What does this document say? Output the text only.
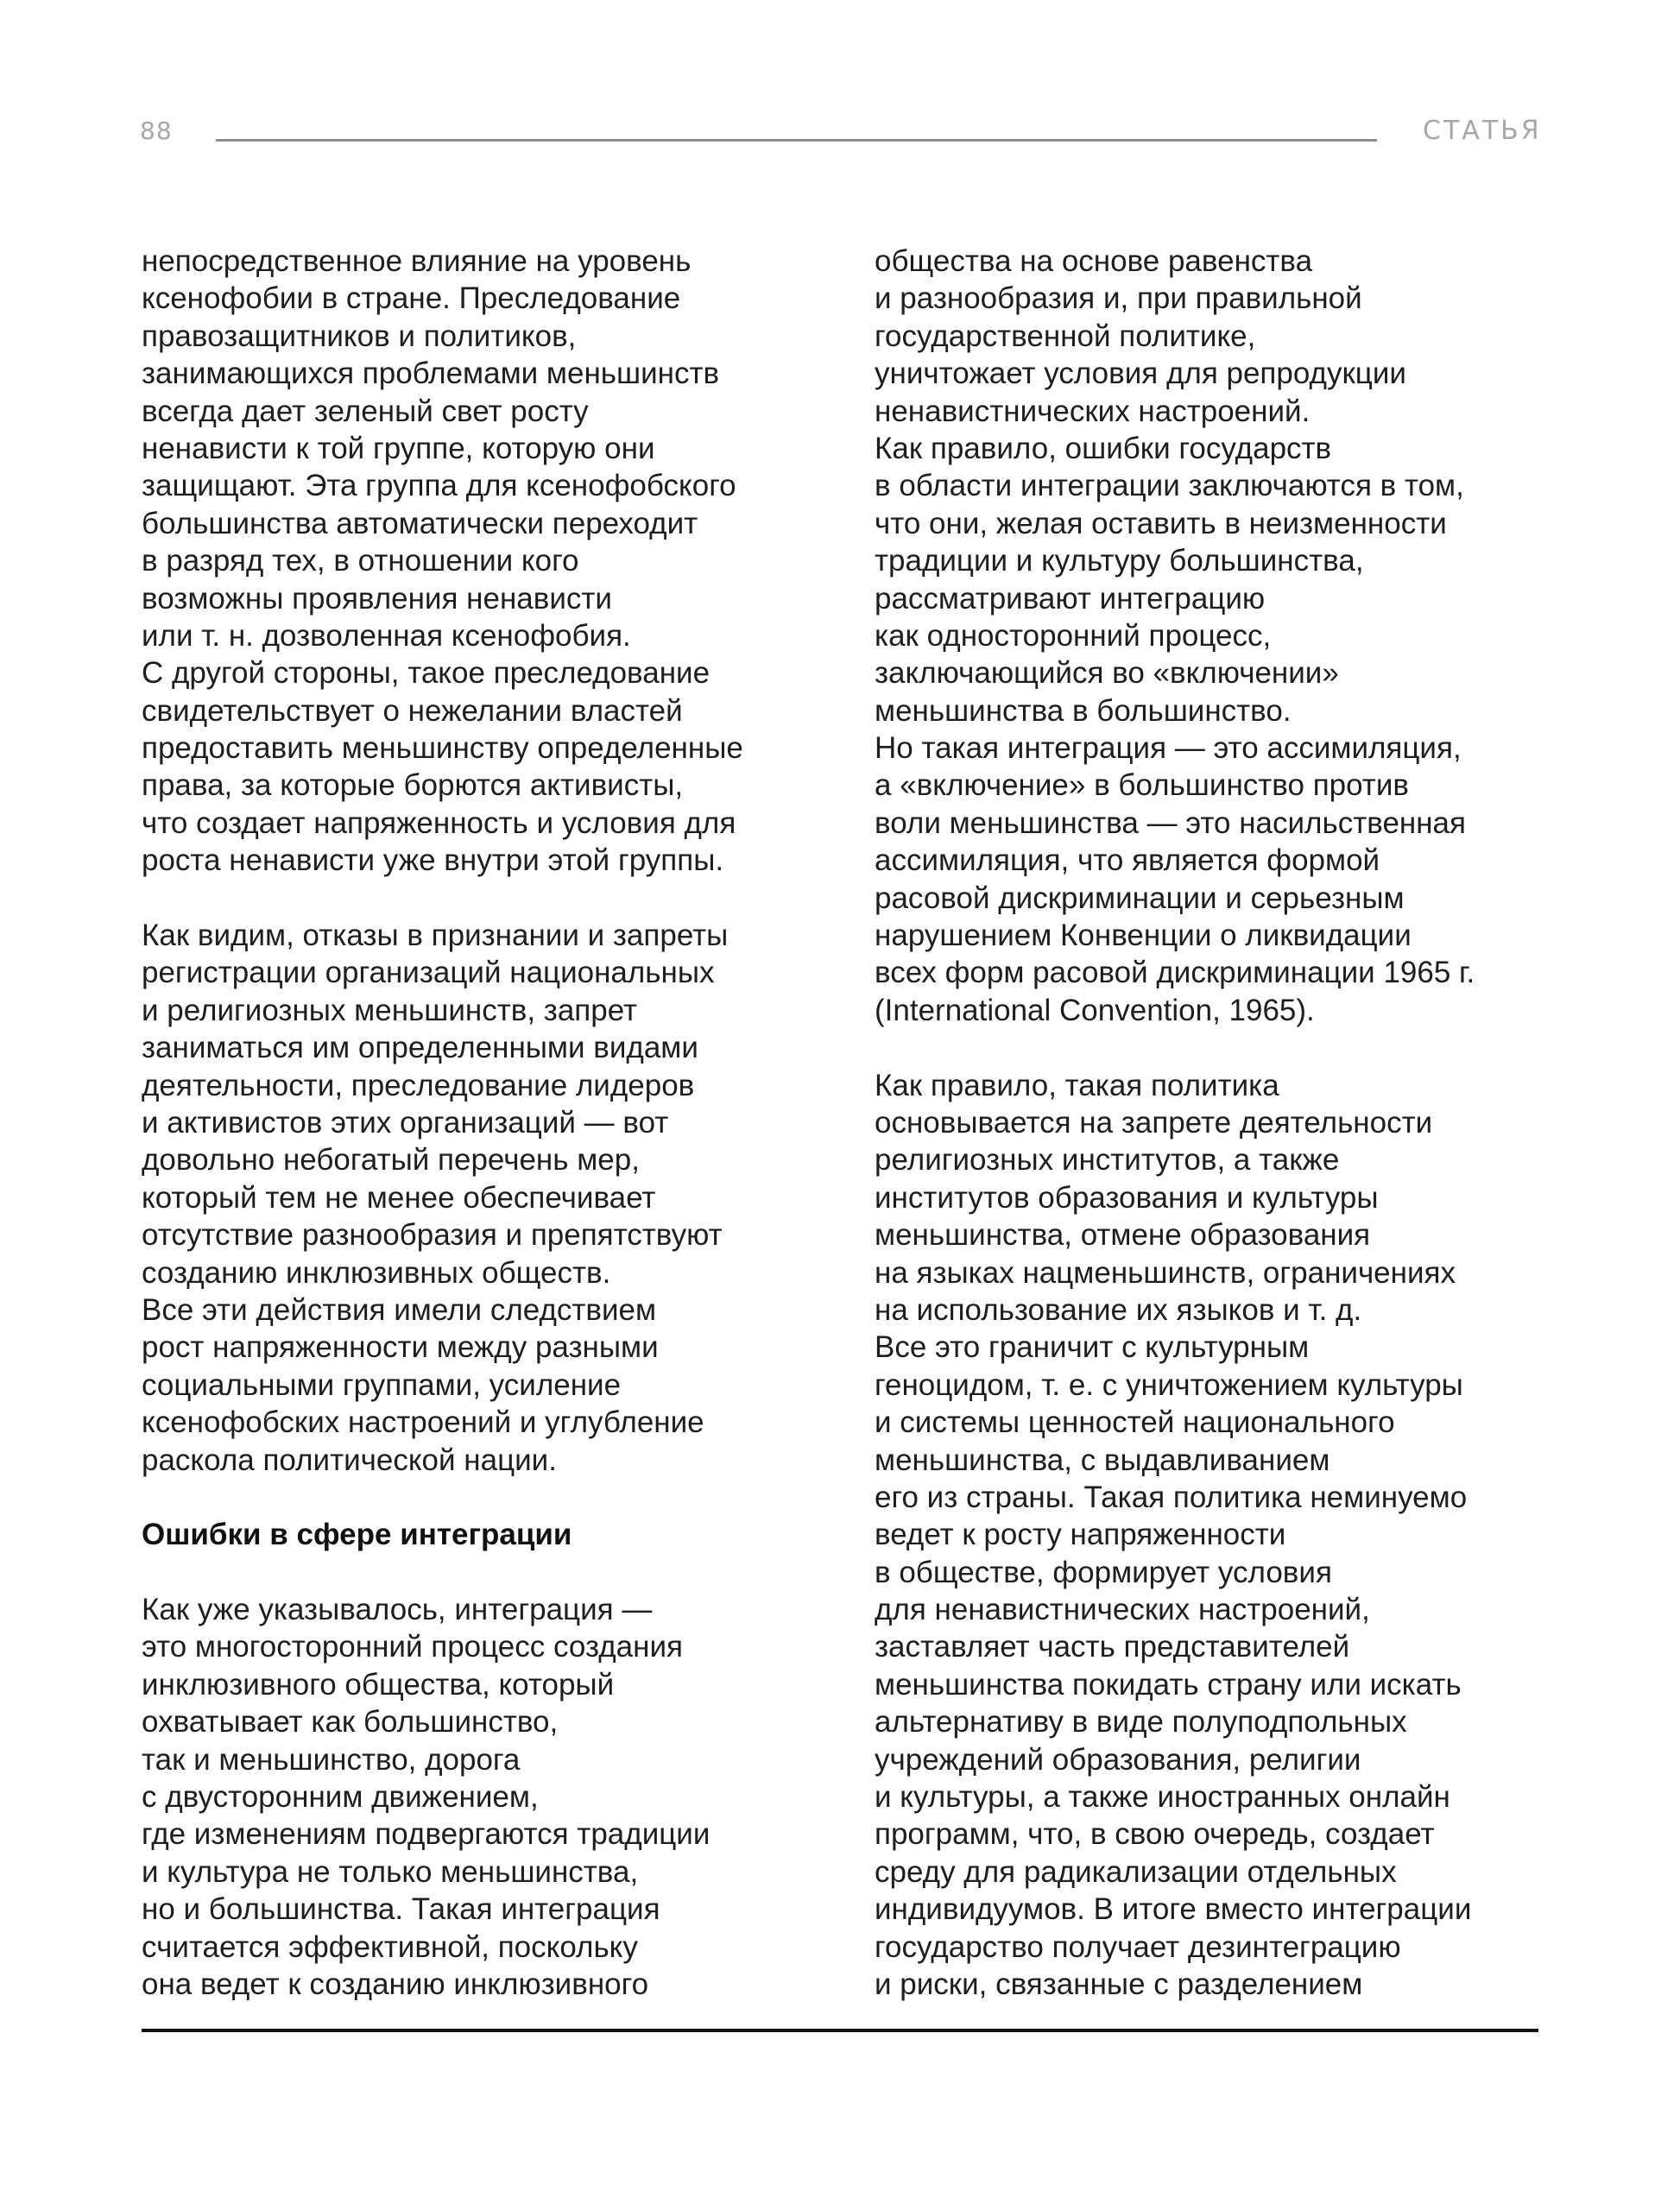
88	СТАТЬЯ
непосредственное влияние на уровень
ксенофобии в стране. Преследование
правозащитников и политиков,
занимающихся проблемами меньшинств
всегда дает зеленый свет росту
ненависти к той группе, которую они
защищают. Эта группа для ксенофобского
большинства автоматически переходит
в разряд тех, в отношении кого
возможны проявления ненависти
или т. н. дозволенная ксенофобия.
С другой стороны, такое преследование
свидетельствует о нежелании властей
предоставить меньшинству определенные
права, за которые борются активисты,
что создает напряженность и условия для
роста ненависти уже внутри этой группы.
Как видим, отказы в признании и запреты
регистрации организаций национальных
и религиозных меньшинств, запрет
заниматься им определенными видами
деятельности, преследование лидеров
и активистов этих организаций — вот
довольно небогатый перечень мер,
который тем не менее обеспечивает
отсутствие разнообразия и препятствуют
созданию инклюзивных обществ.
Все эти действия имели следствием
рост напряженности между разными
социальными группами, усиление
ксенофобских настроений и углубление
раскола политической нации.
Ошибки в сфере интеграции
Как уже указывалось, интеграция —
это многосторонний процесс создания
инклюзивного общества, который
охватывает как большинство,
так и меньшинство, дорога
с двусторонним движением,
где изменениям подвергаются традиции
и культура не только меньшинства,
но и большинства. Такая интеграция
считается эффективной, поскольку
она ведет к созданию инклюзивного
общества на основе равенства
и разнообразия и, при правильной
государственной политике,
уничтожает условия для репродукции
ненавистнических настроений.
Как правило, ошибки государств
в области интеграции заключаются в том,
что они, желая оставить в неизменности
традиции и культуру большинства,
рассматривают интеграцию
как односторонний процесс,
заключающийся во «включении»
меньшинства в большинство.
Но такая интеграция — это ассимиляция,
а «включение» в большинство против
воли меньшинства — это насильственная
ассимиляция, что является формой
расовой дискриминации и серьезным
нарушением Конвенции о ликвидации
всех форм расовой дискриминации 1965 г.
(International Convention, 1965).
Как правило, такая политика
основывается на запрете деятельности
религиозных институтов, а также
институтов образования и культуры
меньшинства, отмене образования
на языках нацменьшинств, ограничениях
на использование их языков и т. д.
Все это граничит с культурным
геноцидом, т. е. с уничтожением культуры
и системы ценностей национального
меньшинства, с выдавливанием
его из страны. Такая политика неминуемо
ведет к росту напряженности
в обществе, формирует условия
для ненавистнических настроений,
заставляет часть представителей
меньшинства покидать страну или искать
альтернативу в виде полуподпольных
учреждений образования, религии
и культуры, а также иностранных онлайн
программ, что, в свою очередь, создает
среду для радикализации отдельных
индивидуумов. В итоге вместо интеграции
государство получает дезинтеграцию
и риски, связанные с разделением
